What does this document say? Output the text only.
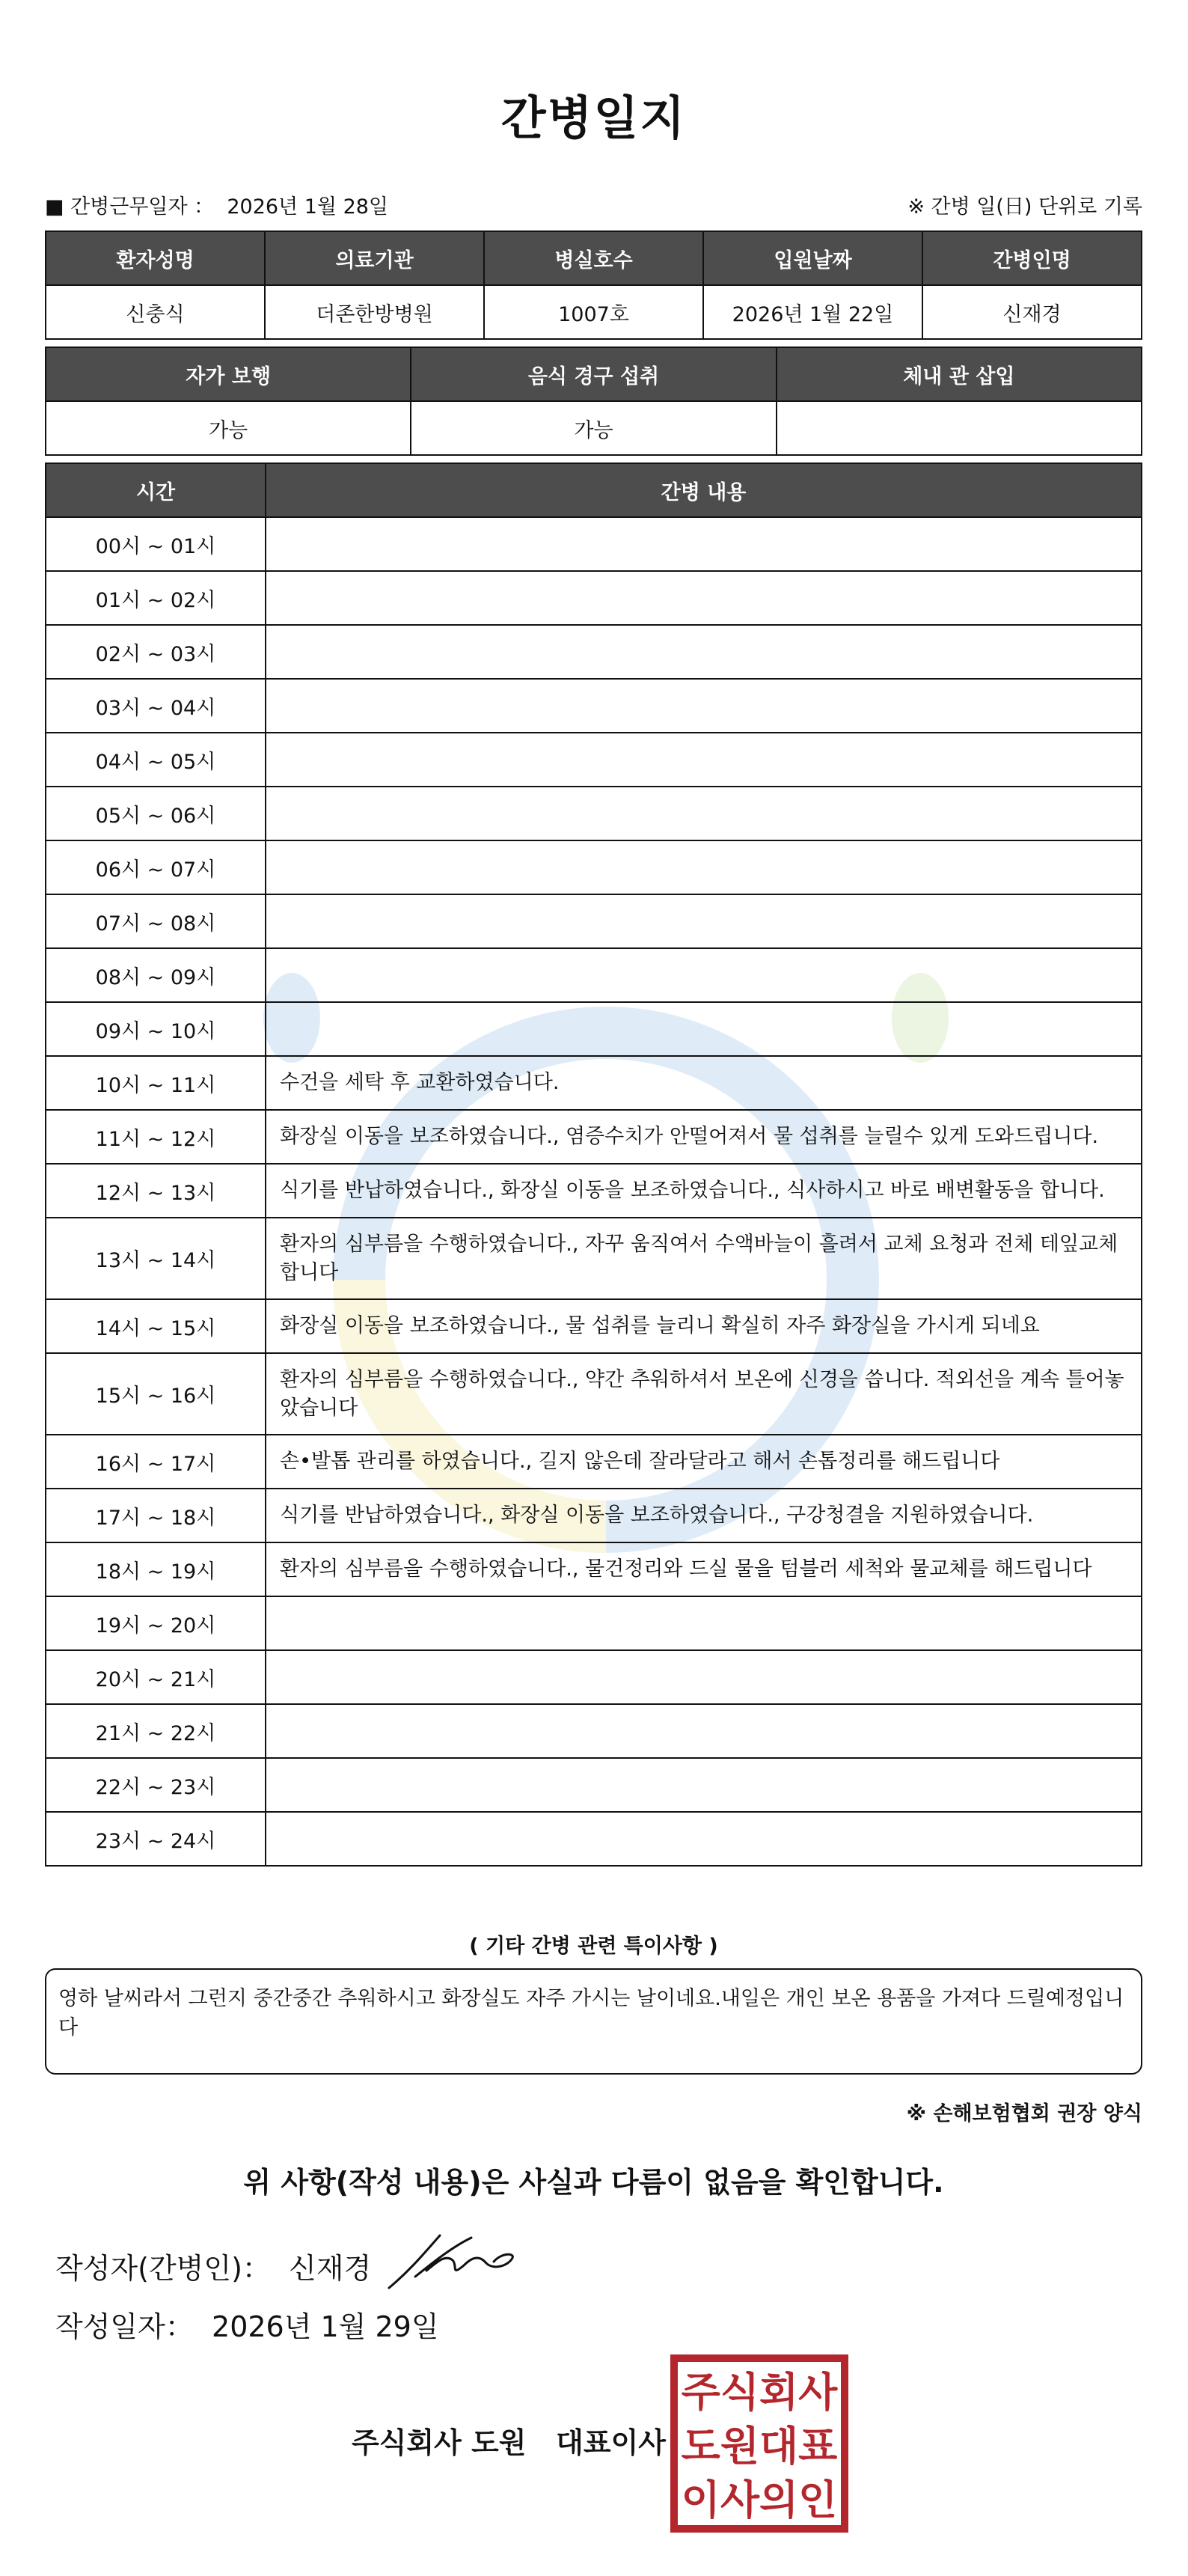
간병일지
■ 간병근무일자 ： 2026년 1월 28일	※ 간병 일(日) 단위로 기록
환자성명	의료기관	병실호수	입원날짜	간병인명
신충식	더존한방병원	1007호	2026년 1월 22일	신재경
자가 보행	음식 경구 섭취	체내 관 삽입
가능	가능	
시간	간병 내용
00시 ~ 01시	
01시 ~ 02시	
02시 ~ 03시	
03시 ~ 04시	
04시 ~ 05시	
05시 ~ 06시	
06시 ~ 07시	
07시 ~ 08시	
08시 ~ 09시	
09시 ~ 10시	
10시 ~ 11시	수건을 세탁 후 교환하였습니다.
11시 ~ 12시	화장실 이동을 보조하였습니다., 염증수치가 안떨어져서 물 섭취를 늘릴수 있게 도와드립니다.
12시 ~ 13시	식기를 반납하였습니다., 화장실 이동을 보조하였습니다., 식사하시고 바로 배변활동을 합니다.
13시 ~ 14시	환자의 심부름을 수행하였습니다., 자꾸 움직여서 수액바늘이 흘려서 교체 요청과 전체 테잎교체 합니다
14시 ~ 15시	화장실 이동을 보조하였습니다., 물 섭취를 늘리니 확실히 자주 화장실을 가시게 되네요
15시 ~ 16시	환자의 심부름을 수행하였습니다., 약간 추워하셔서 보온에 신경을 씁니다. 적외선을 계속 틀어놓았습니다
16시 ~ 17시	손•발톱 관리를 하였습니다., 길지 않은데 잘라달라고 해서 손톱정리를 해드립니다
17시 ~ 18시	식기를 반납하였습니다., 화장실 이동을 보조하였습니다., 구강청결을 지원하였습니다.
18시 ~ 19시	환자의 심부름을 수행하였습니다., 물건정리와 드실 물을 텀블러 세척와 물교체를 해드립니다
19시 ~ 20시	
20시 ~ 21시	
21시 ~ 22시	
22시 ~ 23시	
23시 ~ 24시	
( 기타 간병 관련 특이사항 )
영하 날씨라서 그런지 중간중간 추워하시고 화장실도 자주 가시는 날이네요.내일은 개인 보온 용품을 가져다 드릴예정입니다
※ 손해보험협회 권장 양식
위 사항(작성 내용)은 사실과 다름이 없음을 확인합니다.
작성자(간병인)： 신재경
작성일자： 2026년 1월 29일
주식회사 도원   대표이사
주식회사
도원대표
이사의인
